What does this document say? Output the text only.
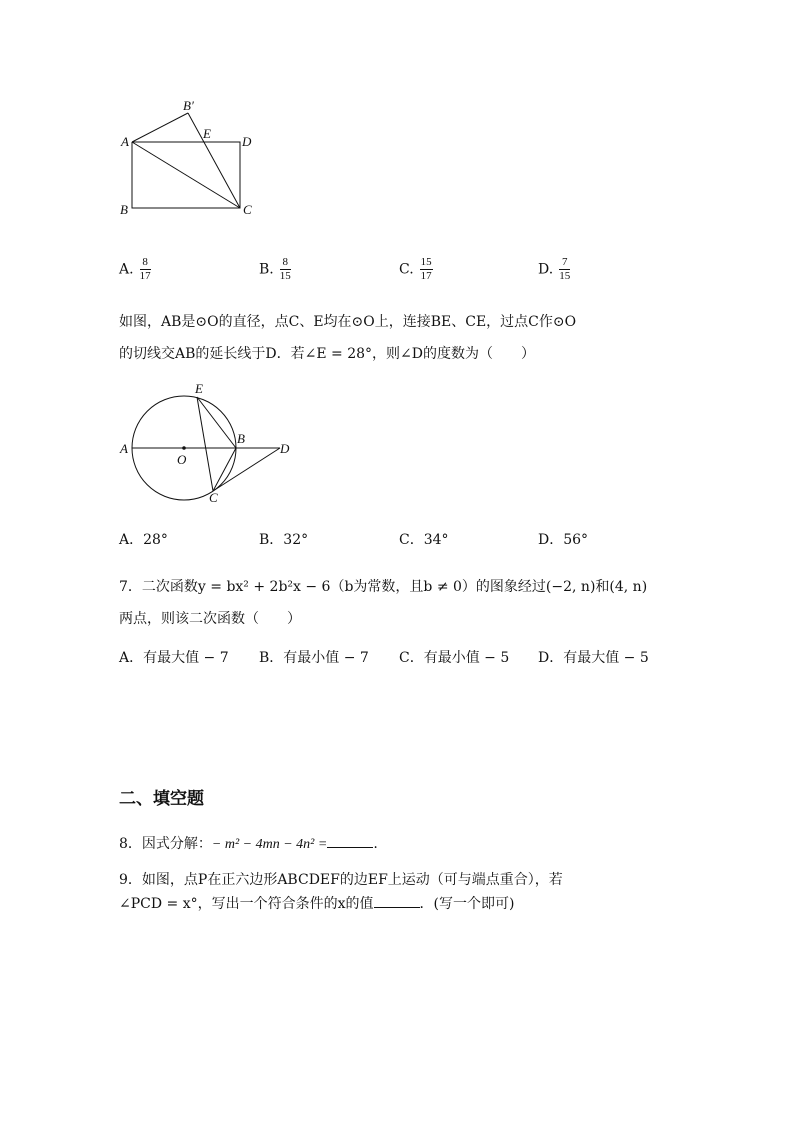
A
B	C
D
E
B′
A. $\frac{8}{17}$	B. $\frac{8}{15}$	C. $\frac{15}{17}$	D. $\frac{7}{15}$
如图，AB是⊙O的直径，点C、E均在⊙O上，连接BE、CE，过点C作⊙O
的切线交AB的延长线于D．若∠E = 28°，则∠D的度数为（　　）
A
O
B
C
D
E
A．28°	B．32°	C．34°	D．56°
7．二次函数y = bx² + 2b²x − 6（b为常数，且b ≠ 0）的图象经过(−2, n)和(4, n)
两点，则该二次函数（　　）
A．有最大值 − 7 B．有最小值 − 7 C．有最小值 − 5 D．有最大值 − 5
二、填空题
8．因式分解：− m² − 4mn − 4n² =	.
9．如图，点P在正六边形ABCDEF的边EF上运动（可与端点重合），若
∠PCD = x°，写出一个符合条件的x的值	．(写一个即可)
